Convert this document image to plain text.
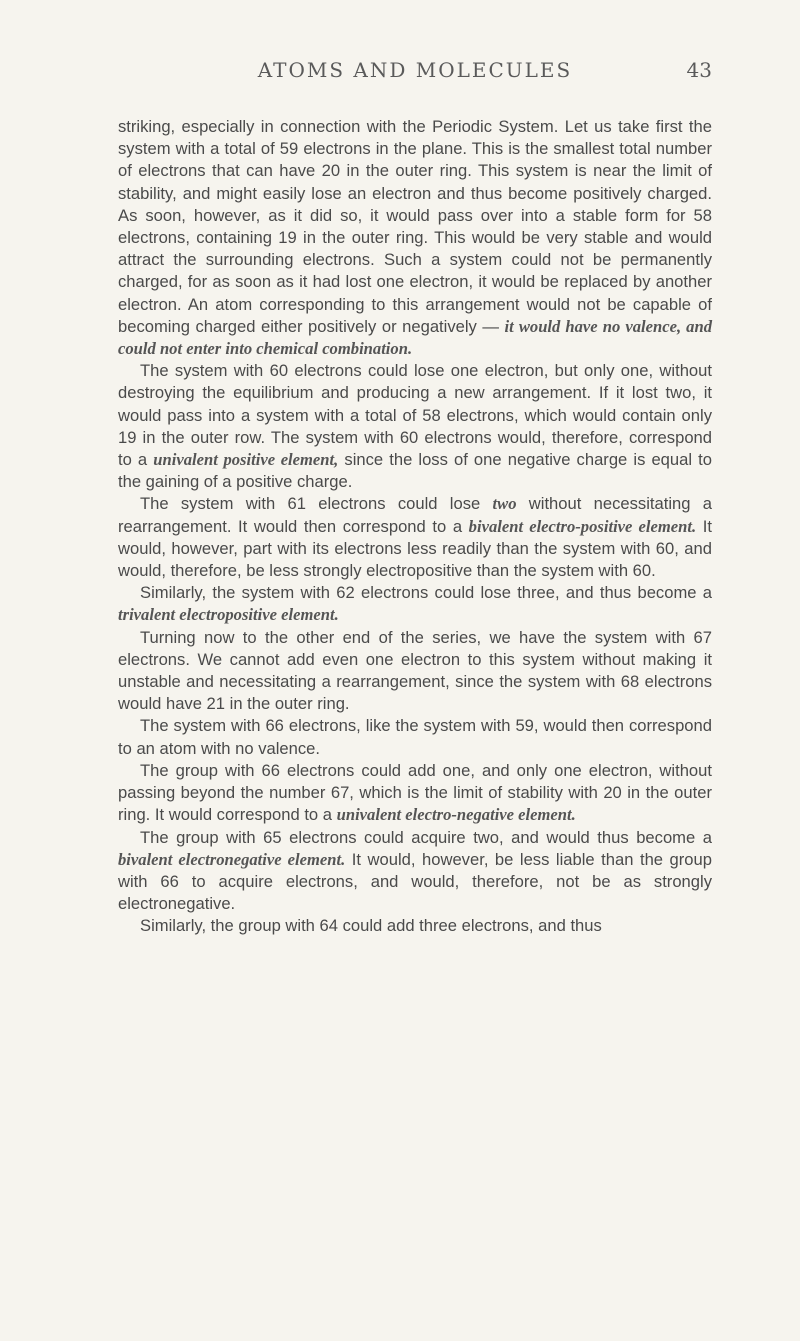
ATOMS AND MOLECULES	43

striking, especially in connection with the Periodic System. Let us take first the system with a total of 59 electrons in the plane. This is the smallest total number of electrons that can have 20 in the outer ring. This system is near the limit of stability, and might easily lose an electron and thus become positively charged. As soon, however, as it did so, it would pass over into a stable form for 58 electrons, containing 19 in the outer ring. This would be very stable and would attract the surrounding electrons. Such a system could not be permanently charged, for as soon as it had lost one electron, it would be replaced by another electron. An atom corresponding to this arrangement would not be capable of becoming charged either positively or negatively — it would have no valence, and could not enter into chemical combination.

The system with 60 electrons could lose one electron, but only one, without destroying the equilibrium and producing a new arrangement. If it lost two, it would pass into a system with a total of 58 electrons, which would contain only 19 in the outer row. The system with 60 electrons would, therefore, correspond to a univalent positive element, since the loss of one negative charge is equal to the gaining of a positive charge.

The system with 61 electrons could lose two without necessitating a rearrangement. It would then correspond to a bivalent electro-positive element. It would, however, part with its electrons less readily than the system with 60, and would, therefore, be less strongly electropositive than the system with 60.

Similarly, the system with 62 electrons could lose three, and thus become a trivalent electropositive element.

Turning now to the other end of the series, we have the system with 67 electrons. We cannot add even one electron to this system without making it unstable and necessitating a rearrangement, since the system with 68 electrons would have 21 in the outer ring.

The system with 66 electrons, like the system with 59, would then correspond to an atom with no valence.

The group with 66 electrons could add one, and only one electron, without passing beyond the number 67, which is the limit of stability with 20 in the outer ring. It would correspond to a univalent electro-negative element.

The group with 65 electrons could acquire two, and would thus become a bivalent electronegative element. It would, however, be less liable than the group with 66 to acquire electrons, and would, therefore, not be as strongly electronegative.

Similarly, the group with 64 could add three electrons, and thus
